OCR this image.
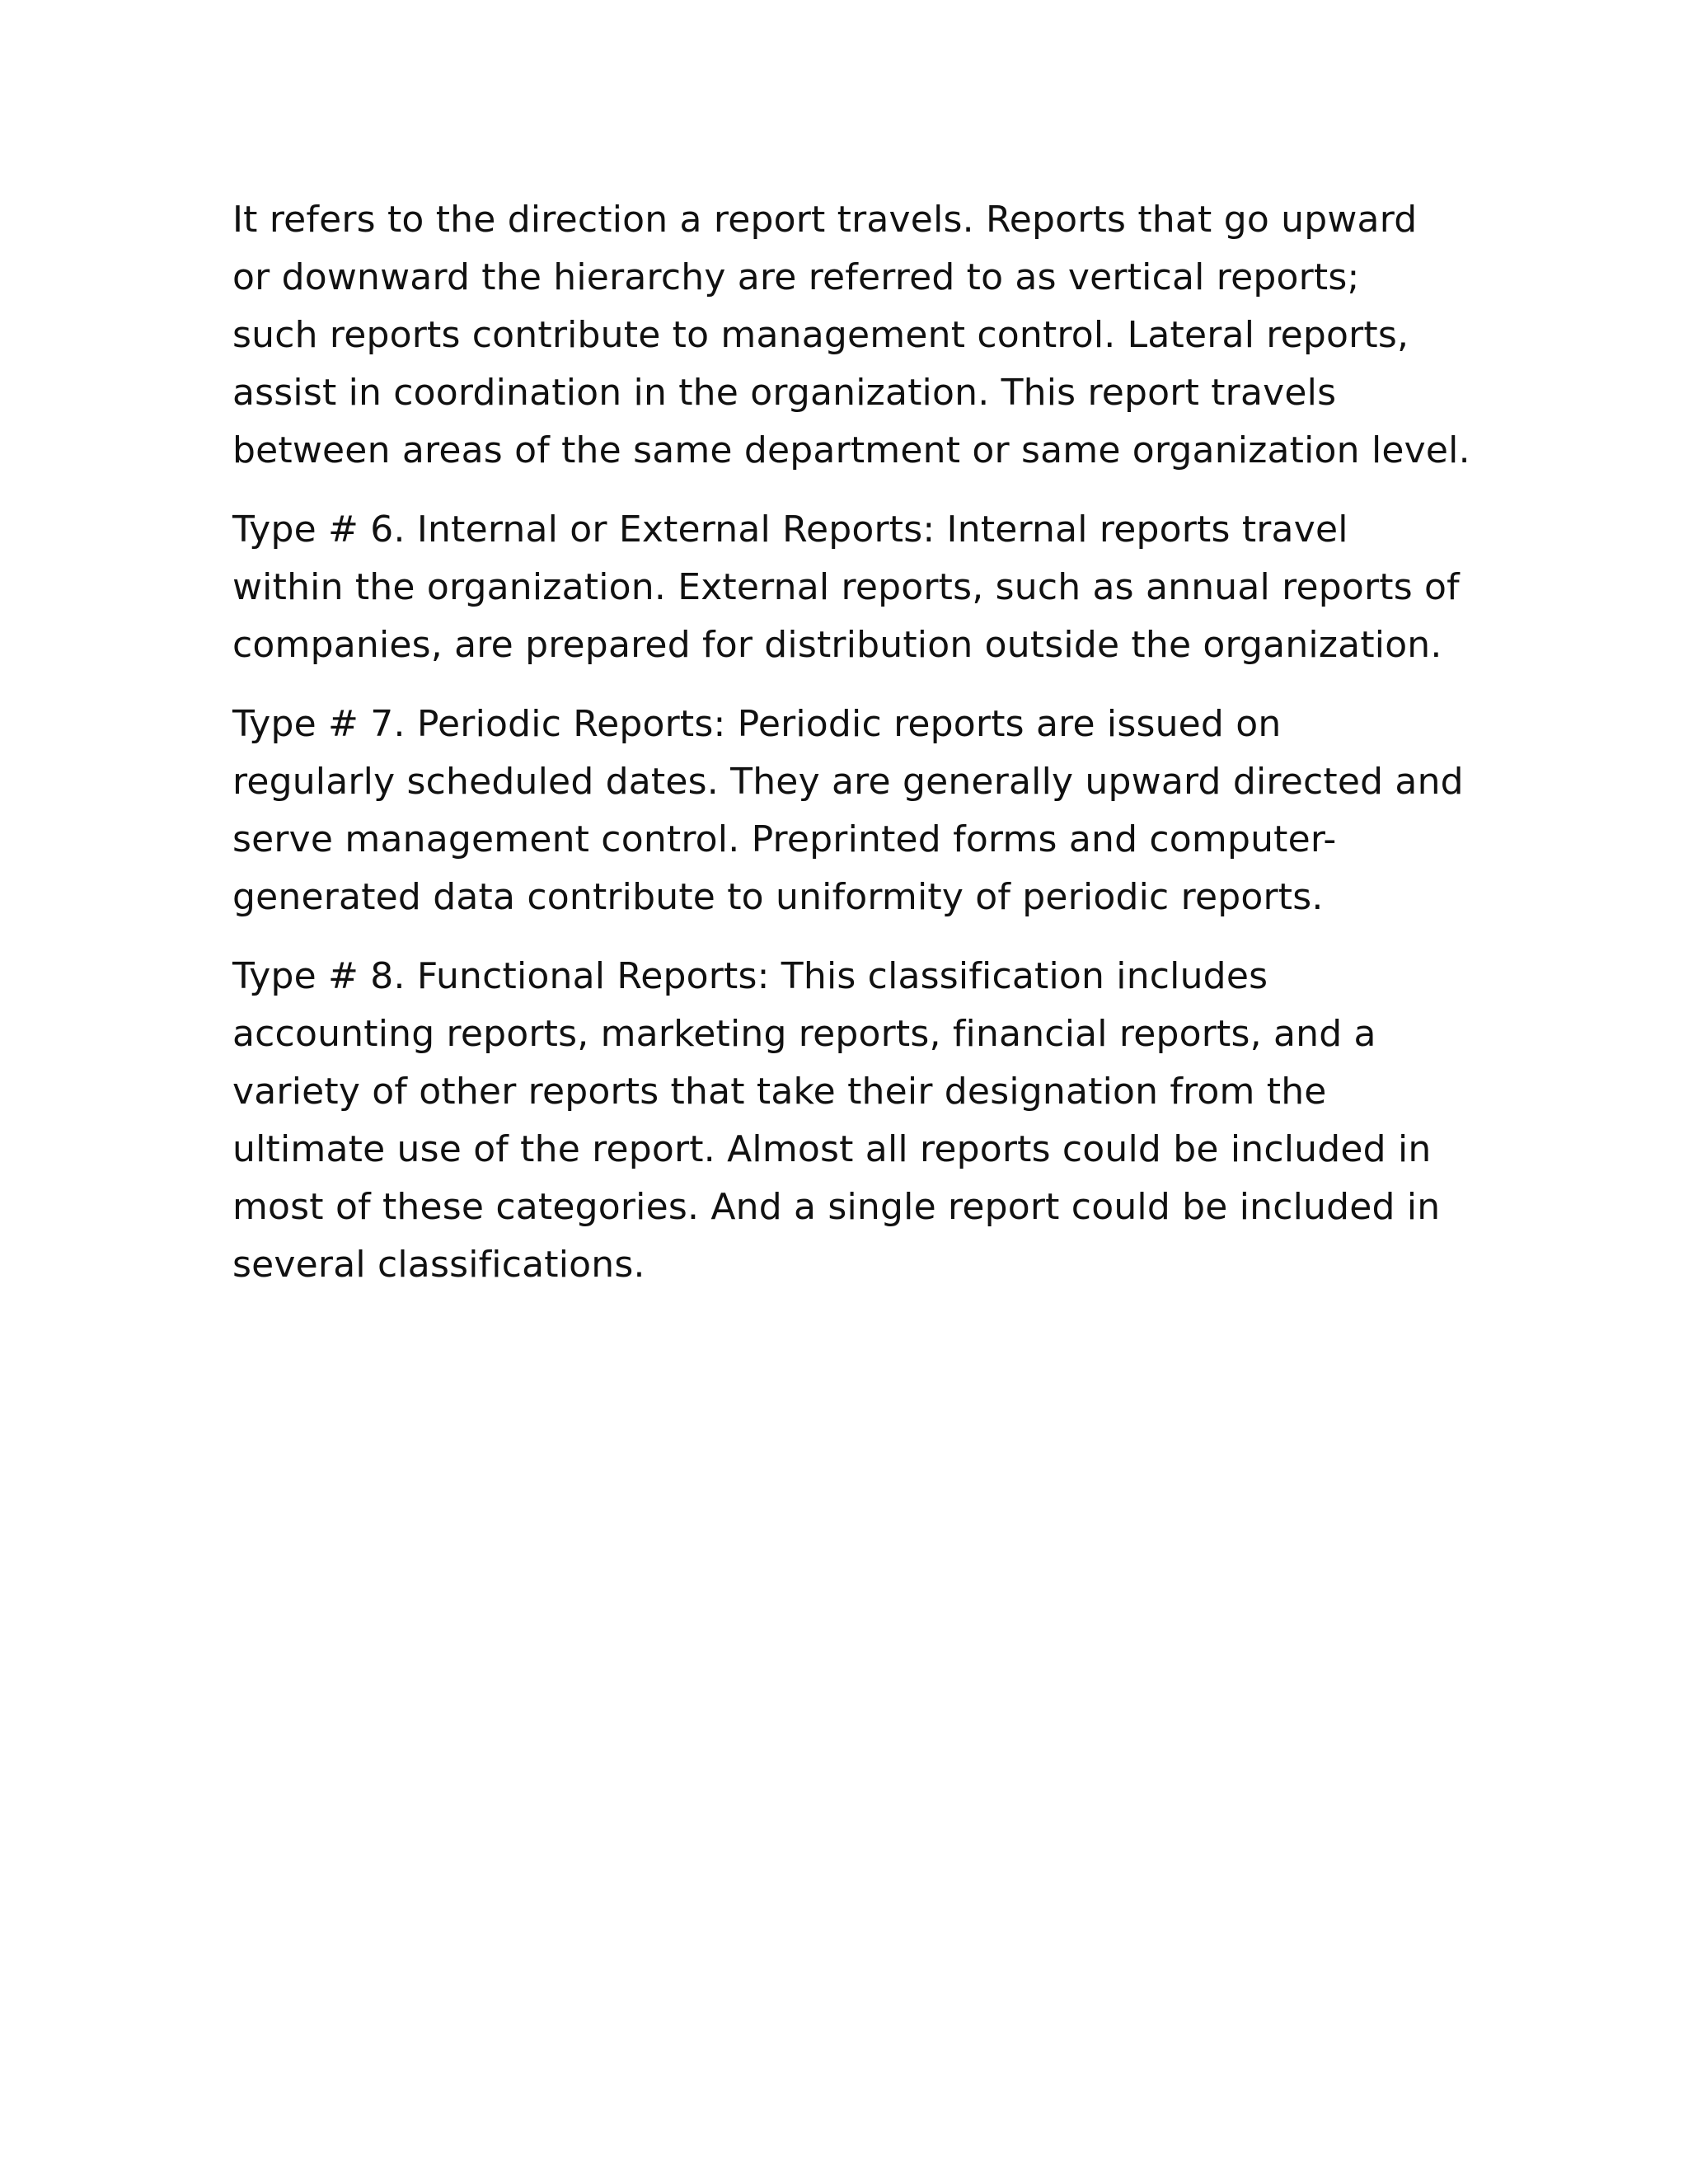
It refers to the direction a report travels. Reports that go upward
or downward the hierarchy are referred to as vertical reports;
such reports contribute to management control. Lateral reports,
assist in coordination in the organization. This report travels
between areas of the same department or same organization level.

Type # 6. Internal or External Reports: Internal reports travel
within the organization. External reports, such as annual reports of
companies, are prepared for distribution outside the organization.

Type # 7. Periodic Reports: Periodic reports are issued on
regularly scheduled dates. They are generally upward directed and
serve management control. Preprinted forms and computer-
generated data contribute to uniformity of periodic reports.

Type # 8. Functional Reports: This classification includes
accounting reports, marketing reports, financial reports, and a
variety of other reports that take their designation from the
ultimate use of the report. Almost all reports could be included in
most of these categories. And a single report could be included in
several classifications.
